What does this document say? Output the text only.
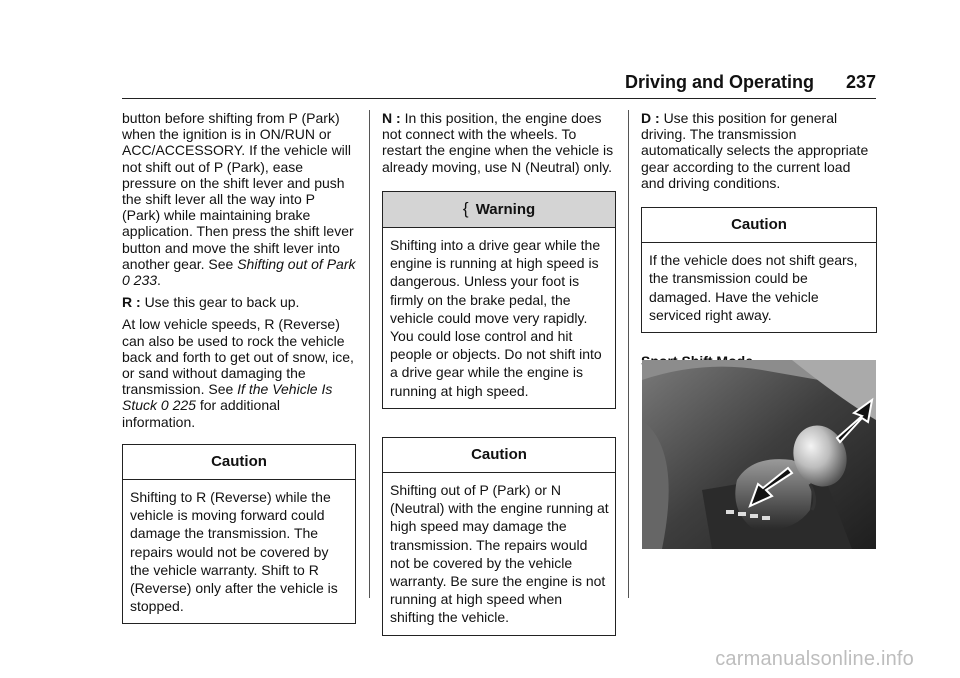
Driving and Operating 237

button before shifting from P (Park) when the ignition is in ON/RUN or ACC/ACCESSORY. If the vehicle will not shift out of P (Park), ease pressure on the shift lever and push the shift lever all the way into P (Park) while maintaining brake application. Then press the shift lever button and move the shift lever into another gear. See Shifting out of Park 0 233.

R : Use this gear to back up.

At low vehicle speeds, R (Reverse) can also be used to rock the vehicle back and forth to get out of snow, ice, or sand without damaging the transmission. See If the Vehicle Is Stuck 0 225 for additional information.

Caution
Shifting to R (Reverse) while the vehicle is moving forward could damage the transmission. The repairs would not be covered by the vehicle warranty. Shift to R (Reverse) only after the vehicle is stopped.

N : In this position, the engine does not connect with the wheels. To restart the engine when the vehicle is already moving, use N (Neutral) only.

{ Warning
Shifting into a drive gear while the engine is running at high speed is dangerous. Unless your foot is firmly on the brake pedal, the vehicle could move very rapidly. You could lose control and hit people or objects. Do not shift into a drive gear while the engine is running at high speed.
Caution
Shifting out of P (Park) or N (Neutral) with the engine running at high speed may damage the transmission. The repairs would not be covered by the vehicle warranty. Be sure the engine is not running at high speed when shifting the vehicle.

D : Use this position for general driving. The transmission automatically selects the appropriate gear according to the current load and driving conditions.

Caution
If the vehicle does not shift gears, the transmission could be damaged. Have the vehicle serviced right away.

carmanualsonline.info
